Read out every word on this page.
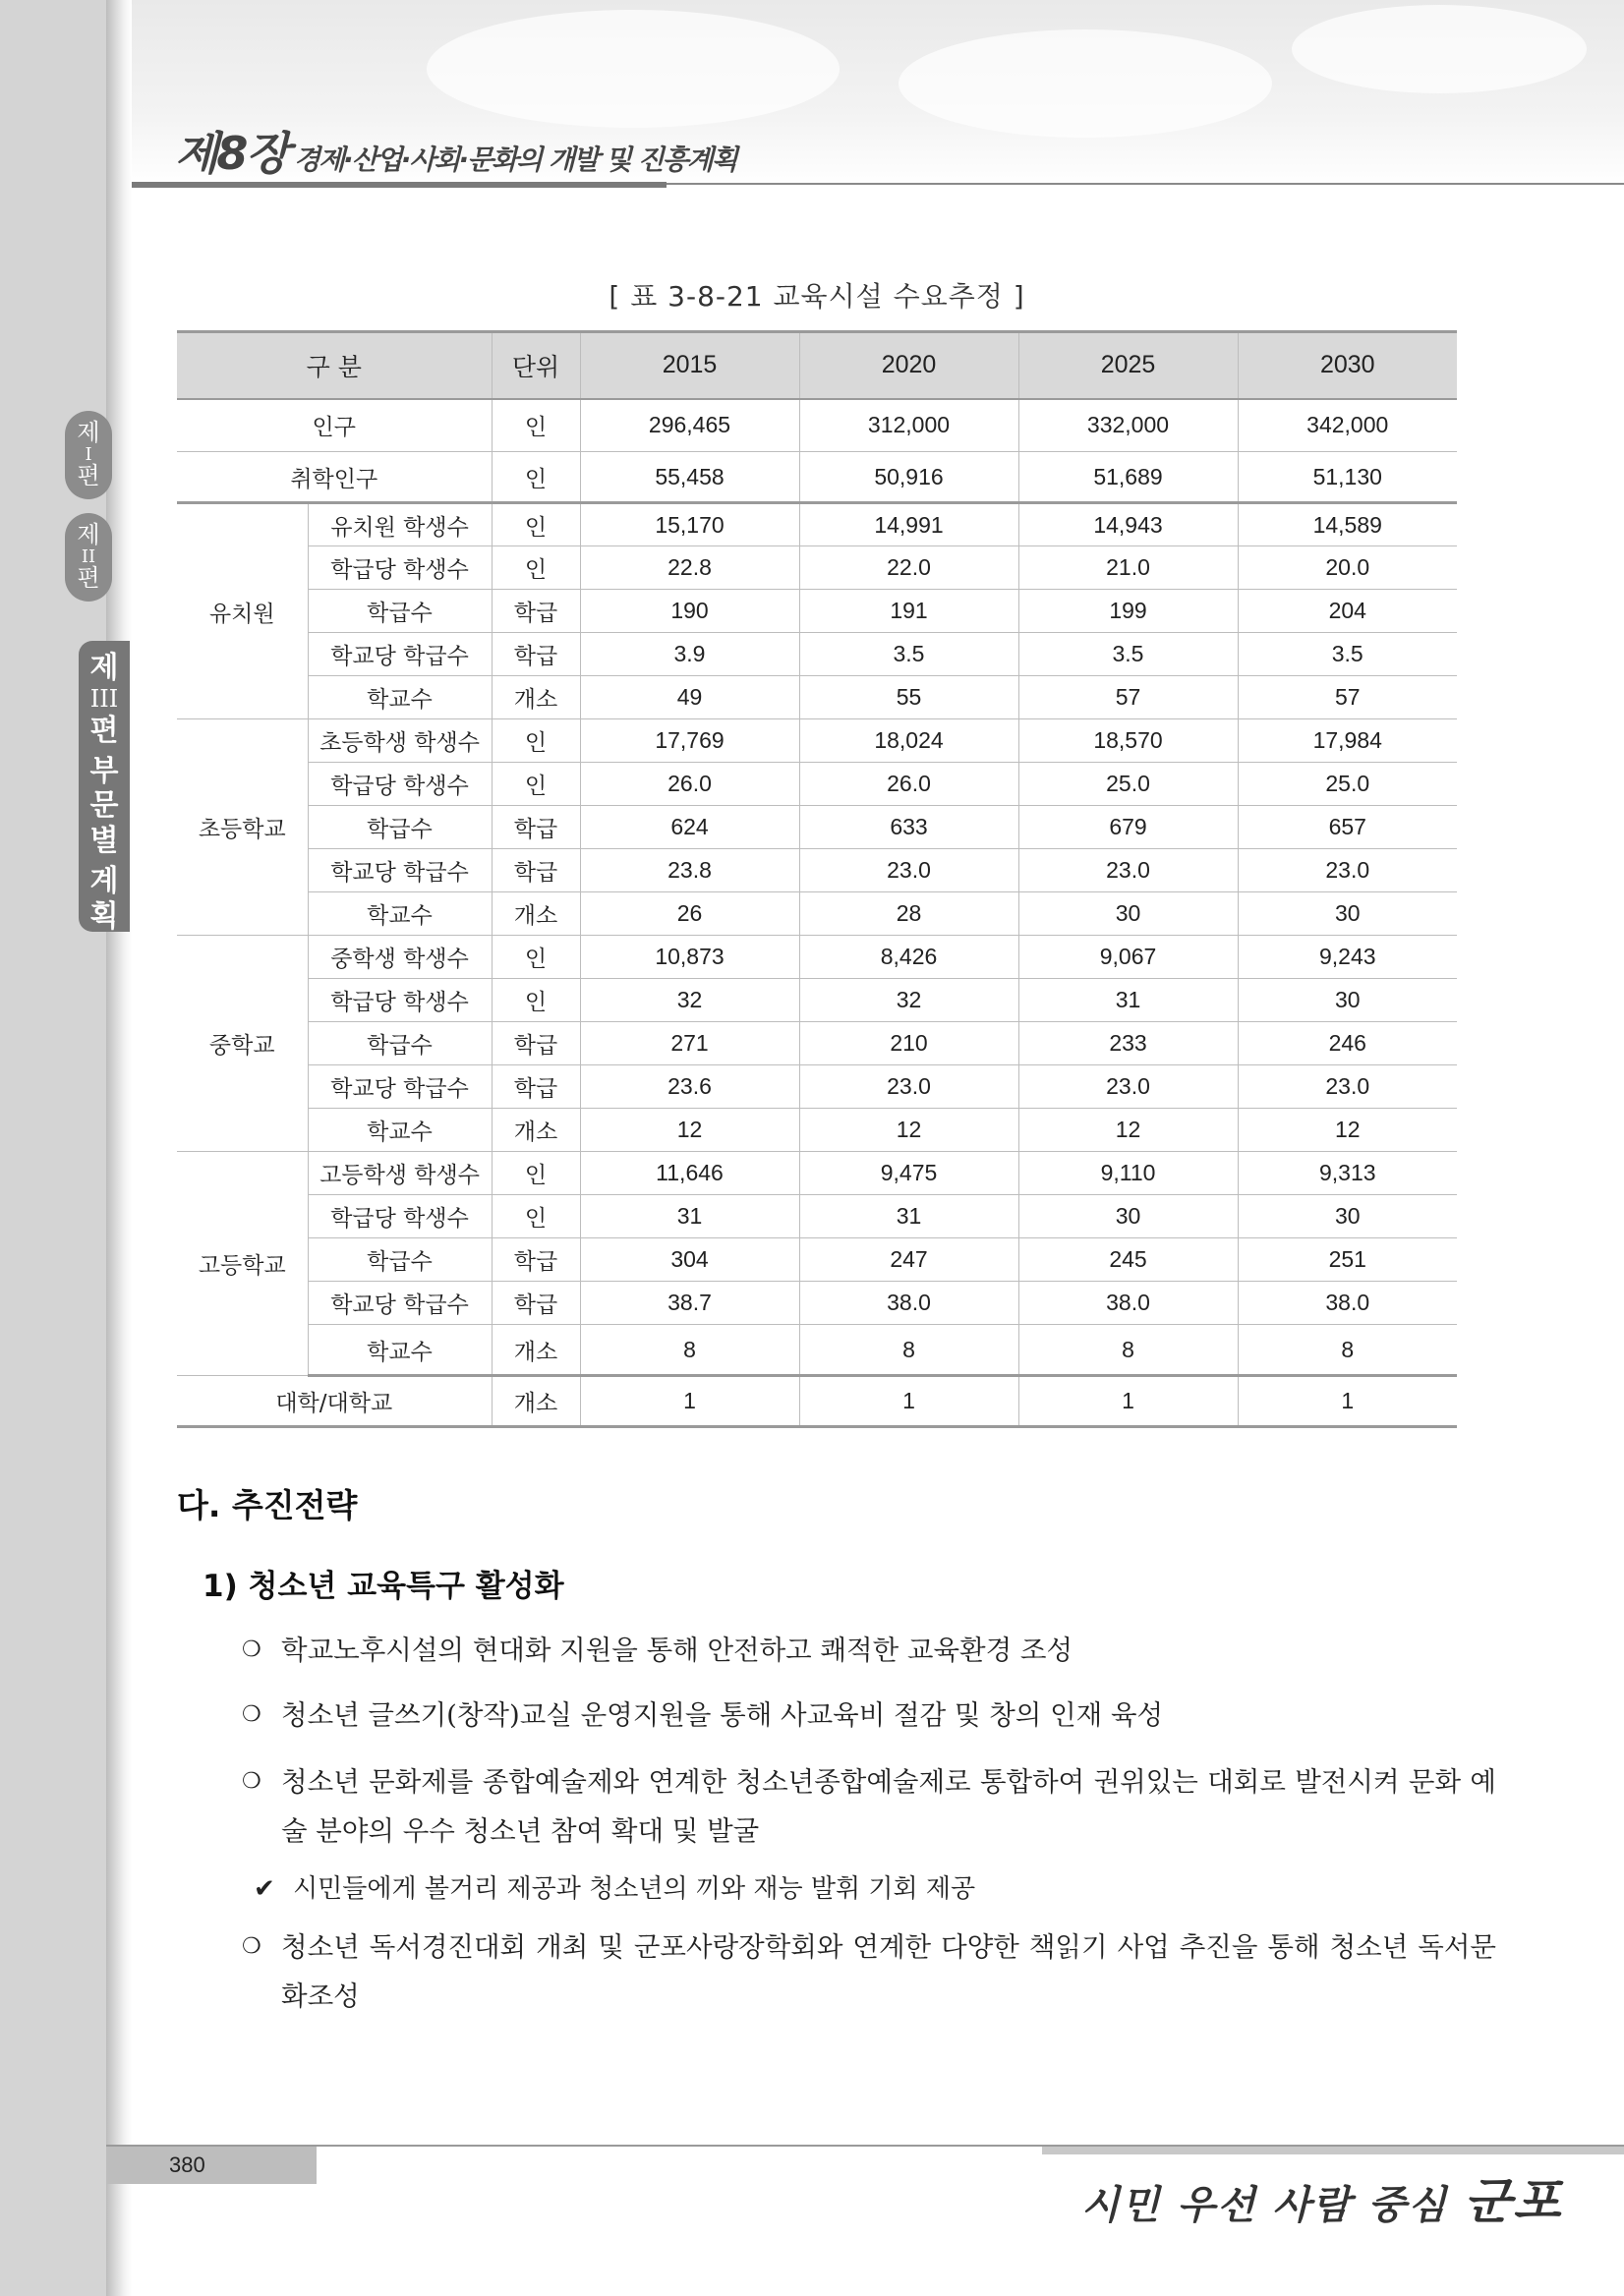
제8장 경제·산업·사회·문화의 개발 및 진흥계획
제
I
편
제
II
편
제
III
편
부
문
별
계
획
[ 표 3-8-21 교육시설 수요추정 ]
구 분		단위	2015	2020	2025	2030
인구		인	296,465	312,000	332,000	342,000
취학인구		인	55,458	50,916	51,689	51,130
유치원	유치원 학생수	인	15,170	14,991	14,943	14,589
	학급당 학생수	인	22.8	22.0	21.0	20.0
	학급수	학급	190	191	199	204
	학교당 학급수	학급	3.9	3.5	3.5	3.5
	학교수	개소	49	55	57	57
초등학교	초등학생 학생수	인	17,769	18,024	18,570	17,984
	학급당 학생수	인	26.0	26.0	25.0	25.0
	학급수	학급	624	633	679	657
	학교당 학급수	학급	23.8	23.0	23.0	23.0
	학교수	개소	26	28	30	30
중학교	중학생 학생수	인	10,873	8,426	9,067	9,243
	학급당 학생수	인	32	32	31	30
	학급수	학급	271	210	233	246
	학교당 학급수	학급	23.6	23.0	23.0	23.0
	학교수	개소	12	12	12	12
고등학교	고등학생 학생수	인	11,646	9,475	9,110	9,313
	학급당 학생수	인	31	31	30	30
	학급수	학급	304	247	245	251
	학교당 학급수	학급	38.7	38.0	38.0	38.0
	학교수	개소	8	8	8	8
대학/대학교		개소	1	1	1	1
다. 추진전략
1) 청소년 교육특구 활성화
❍ 학교노후시설의 현대화 지원을 통해 안전하고 쾌적한 교육환경 조성
❍ 청소년 글쓰기(창작)교실 운영지원을 통해 사교육비 절감 및 창의 인재 육성
❍ 청소년 문화제를 종합예술제와 연계한 청소년종합예술제로 통합하여 권위있는 대회로 발전시켜 문화 예술 분야의 우수 청소년 참여 확대 및 발굴
✔ 시민들에게 볼거리 제공과 청소년의 끼와 재능 발휘 기회 제공
❍ 청소년 독서경진대회 개최 및 군포사랑장학회와 연계한 다양한 책읽기 사업 추진을 통해 청소년 독서문화조성
380
시민 우선 사람 중심 군포
